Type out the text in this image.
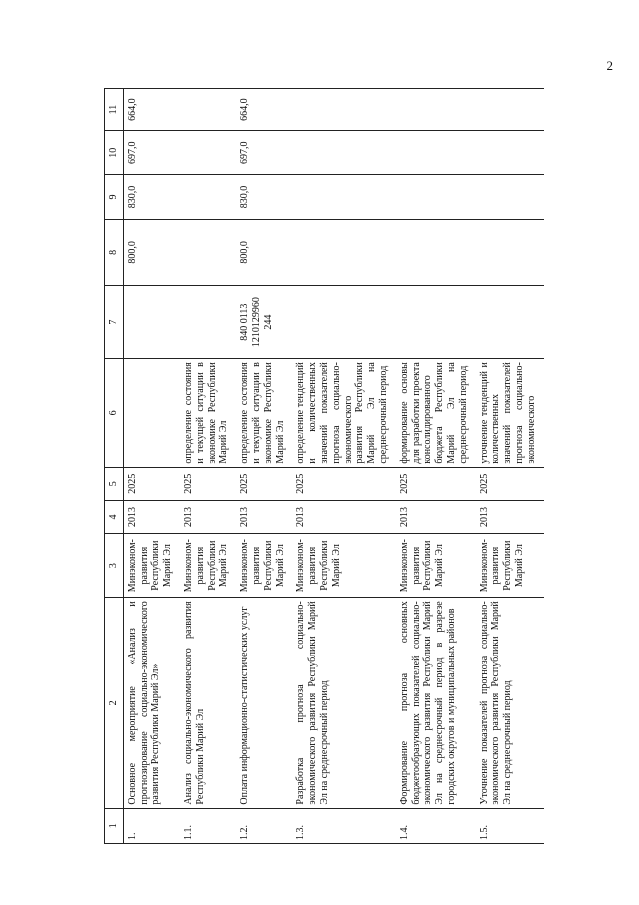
2
1	2	3	4	5	6	7	8	9	10	11
1.	Основное мероприятие «Анализ и прогнозирование социально-экономического развития Республики Марий Эл»	Минэконом-развития Республики Марий Эл	2013	2025			800,0	830,0	697,0	664,0
1.1.	Анализ социально-экономического развития Республики Марий Эл	Минэконом-развития Республики Марий Эл	2013	2025	определение состояния и текущей ситуации в экономике Республики Марий Эл					
1.2.	Оплата информационно-статистических услуг	Минэконом-развития Республики Марий Эл	2013	2025	определение состояния и текущей ситуации в экономике Республики Марий Эл	840 0113 1210129960 244	800,0	830,0	697,0	664,0
1.3.	Разработка прогноза социально-экономического развития Республики Марий Эл на среднесрочный период	Минэконом-развития Республики Марий Эл	2013	2025	определение тенденций и количественных значений показателей прогноза социально-экономического развития Республики Марий Эл на среднесрочный период					
1.4.	Формирование прогноза основных бюджетообразующих показателей социально-экономического развития Республики Марий Эл на среднесрочный период в разрезе городских округов и муниципальных районов	Минэконом-развития Республики Марий Эл	2013	2025	формирование основы для разработки проекта консолидированного бюджета Республики Марий Эл на среднесрочный период					
1.5.	Уточнение показателей прогноза социально-экономического развития Республики Марий Эл на среднесрочный период	Минэконом-развития Республики Марий Эл	2013	2025	уточнение тенденций и количественных значений показателей прогноза социально-экономического					
